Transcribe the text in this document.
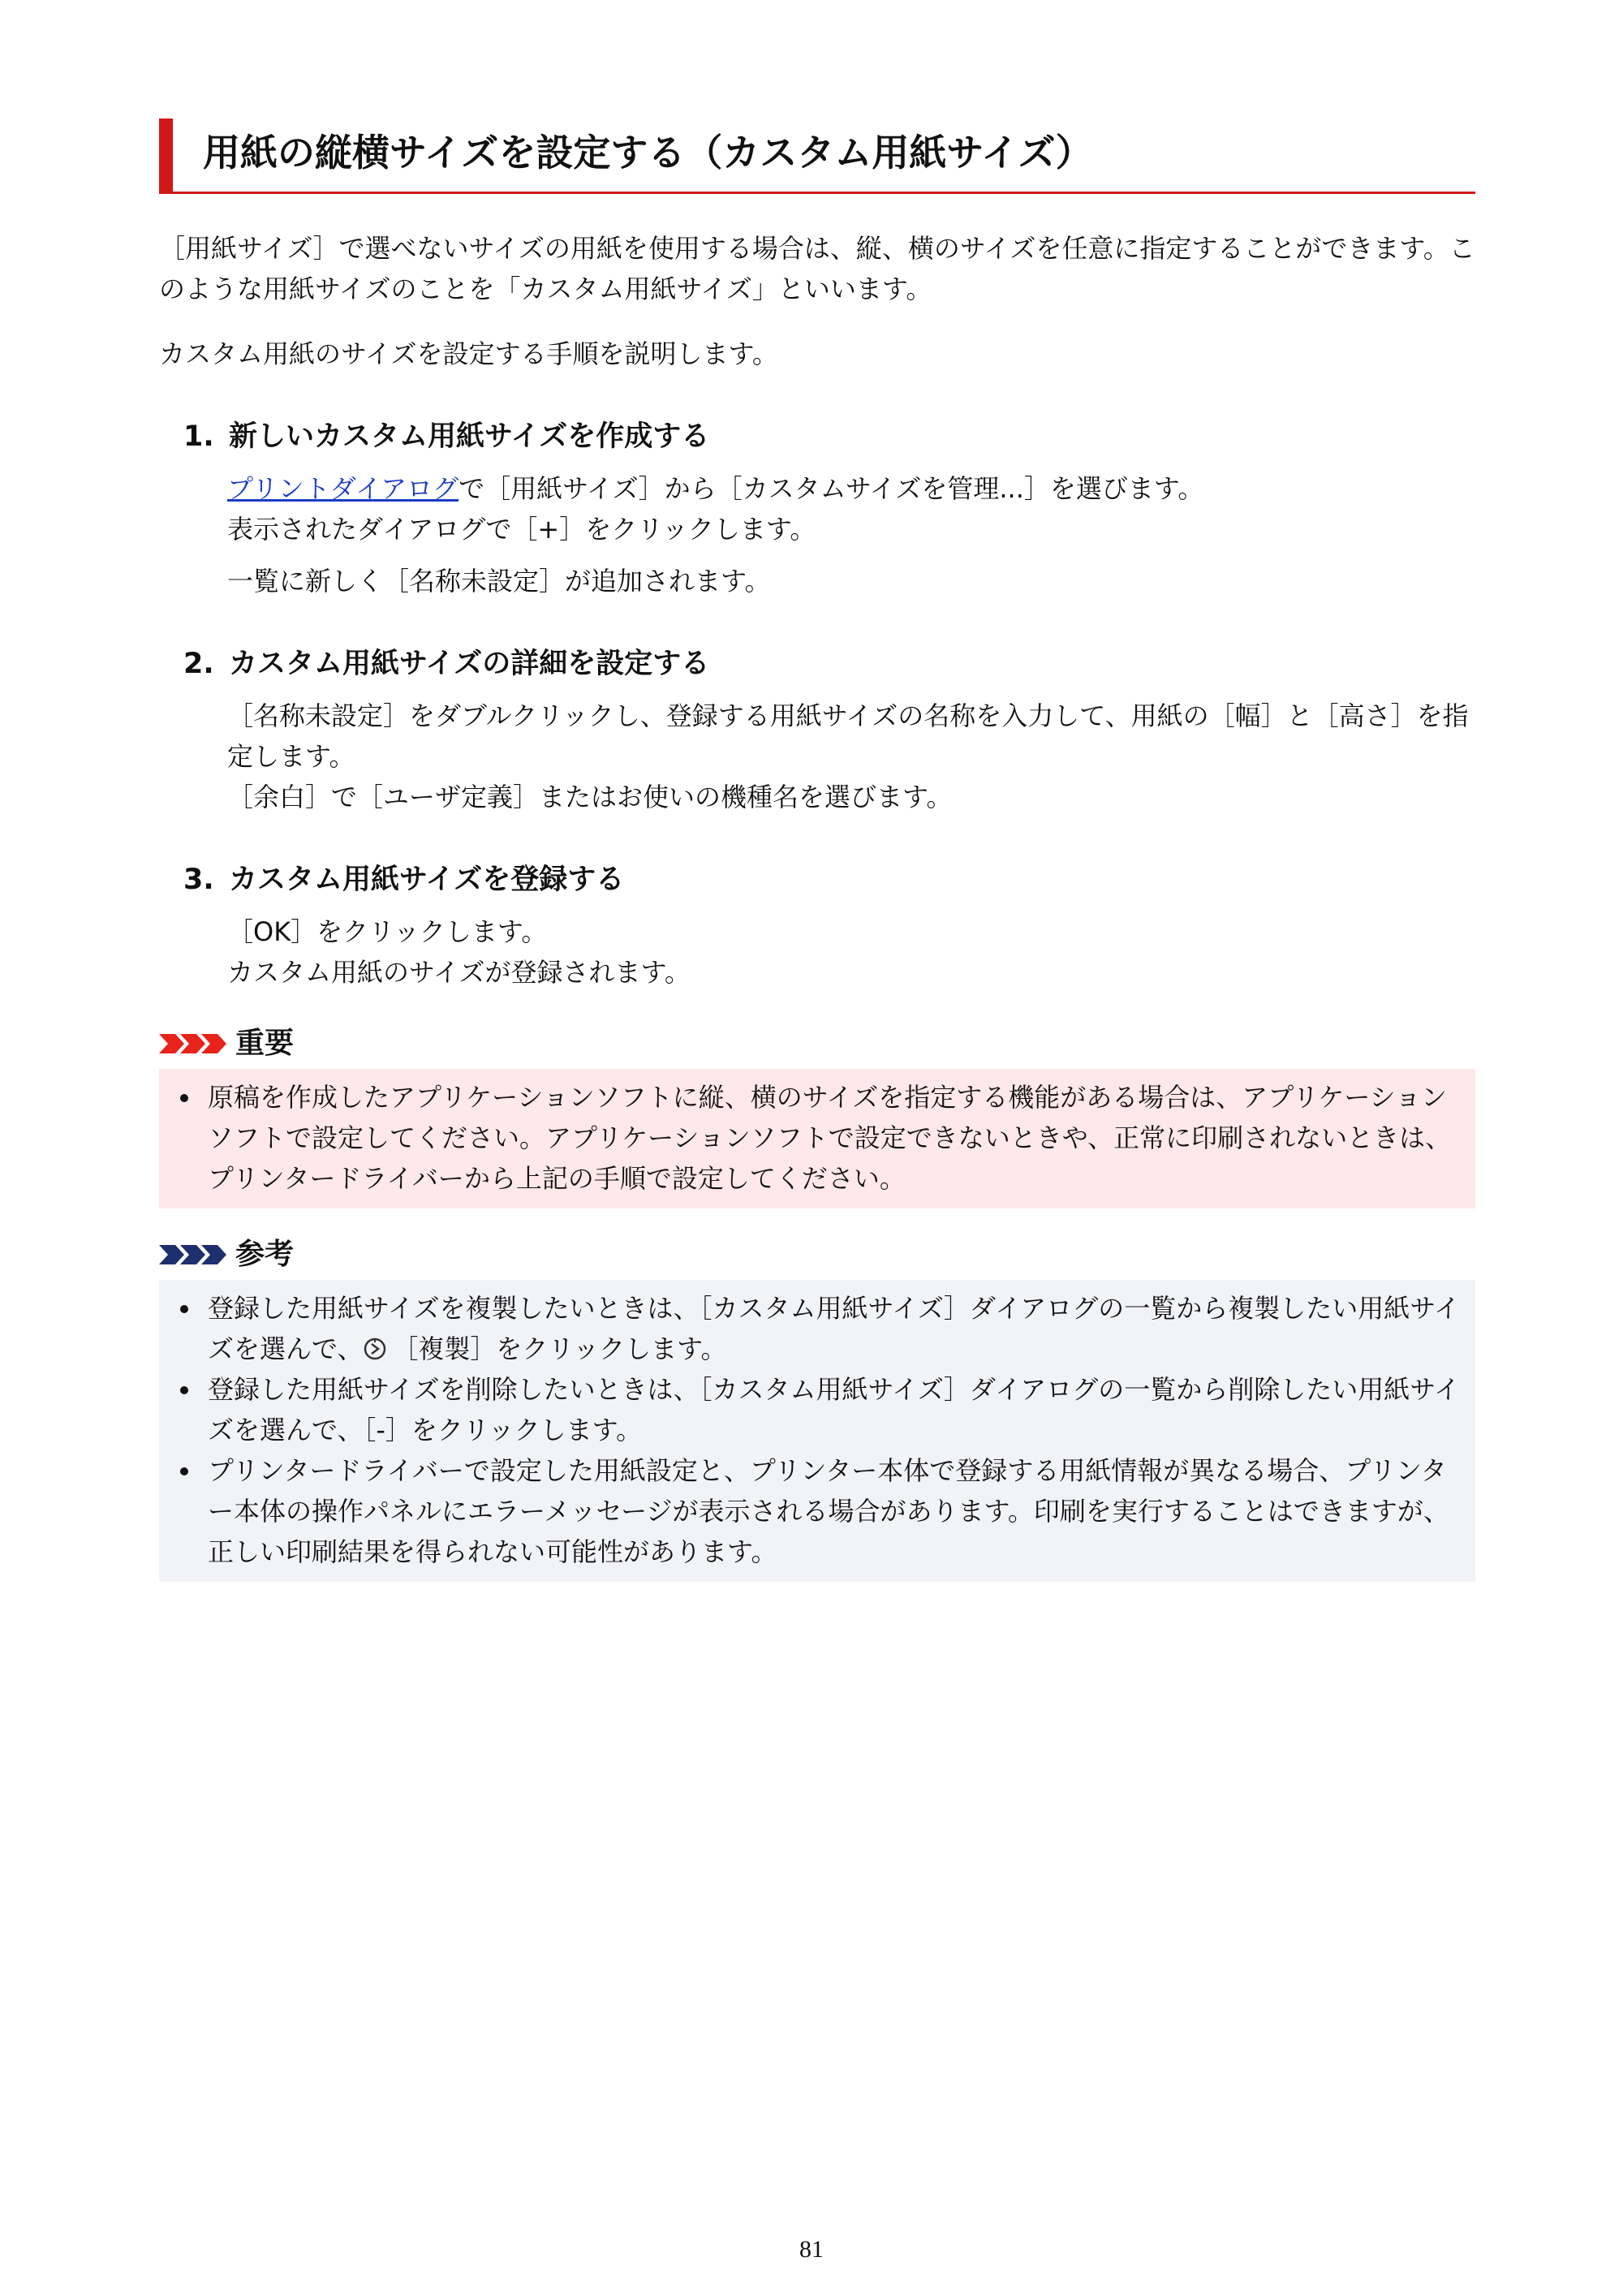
用紙の縦横サイズを設定する（カスタム用紙サイズ）

［用紙サイズ］で選べないサイズの用紙を使用する場合は、縦、横のサイズを任意に指定することができます。このような用紙サイズのことを「カスタム用紙サイズ」といいます。

カスタム用紙のサイズを設定する手順を説明します。

1. 新しいカスタム用紙サイズを作成する

プリントダイアログで［用紙サイズ］から［カスタムサイズを管理...］を選びます。

表示されたダイアログで［+］をクリックします。

一覧に新しく［名称未設定］が追加されます。

2. カスタム用紙サイズの詳細を設定する

［名称未設定］をダブルクリックし、登録する用紙サイズの名称を入力して、用紙の［幅］と［高さ］を指定します。

［余白］で［ユーザ定義］またはお使いの機種名を選びます。

3. カスタム用紙サイズを登録する

［OK］をクリックします。

カスタム用紙のサイズが登録されます。

重要
原稿を作成したアプリケーションソフトに縦、横のサイズを指定する機能がある場合は、アプリケーションソフトで設定してください。アプリケーションソフトで設定できないときや、正常に印刷されないときは、プリンタードライバーから上記の手順で設定してください。
参考
登録した用紙サイズを複製したいときは、［カスタム用紙サイズ］ダイアログの一覧から複製したい用紙サイズを選んで、 ［複製］をクリックします。
登録した用紙サイズを削除したいときは、［カスタム用紙サイズ］ダイアログの一覧から削除したい用紙サイズを選んで、［-］をクリックします。
プリンタードライバーで設定した用紙設定と、プリンター本体で登録する用紙情報が異なる場合、プリンター本体の操作パネルにエラーメッセージが表示される場合があります。印刷を実行することはできますが、正しい印刷結果を得られない可能性があります。
81
